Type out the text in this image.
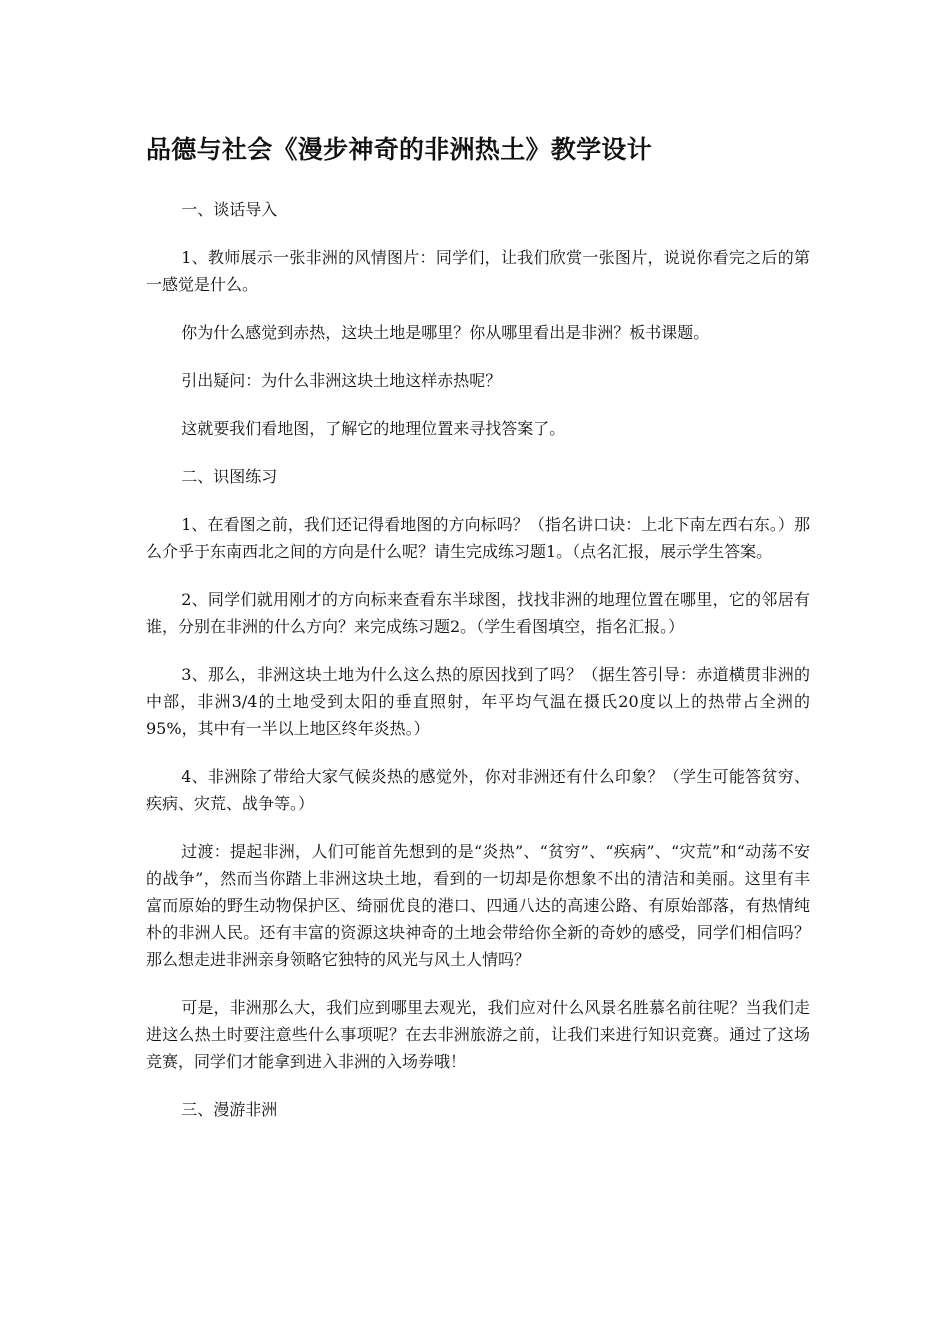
品德与社会《漫步神奇的非洲热土》教学设计

一、谈话导入

1、教师展示一张非洲的风情图片：同学们，让我们欣赏一张图片，说说你看完之后的第一感觉是什么。

你为什么感觉到赤热，这块土地是哪里？你从哪里看出是非洲？板书课题。

引出疑问：为什么非洲这块土地这样赤热呢？

这就要我们看地图，了解它的地理位置来寻找答案了。

二、识图练习

1、在看图之前，我们还记得看地图的方向标吗？（指名讲口诀：上北下南左西右东。）那么介乎于东南西北之间的方向是什么呢？请生完成练习题1。（点名汇报，展示学生答案。

2、同学们就用刚才的方向标来查看东半球图，找找非洲的地理位置在哪里，它的邻居有谁，分别在非洲的什么方向？来完成练习题2。（学生看图填空，指名汇报。）

3、那么，非洲这块土地为什么这么热的原因找到了吗？（据生答引导：赤道横贯非洲的中部，非洲3/4的土地受到太阳的垂直照射，年平均气温在摄氏20度以上的热带占全洲的95%，其中有一半以上地区终年炎热。）

4、非洲除了带给大家气候炎热的感觉外，你对非洲还有什么印象？（学生可能答贫穷、疾病、灾荒、战争等。）

过渡：提起非洲，人们可能首先想到的是“炎热”、“贫穷”、“疾病”、“灾荒”和“动荡不安的战争”，然而当你踏上非洲这块土地，看到的一切却是你想象不出的清洁和美丽。这里有丰富而原始的野生动物保护区、绮丽优良的港口、四通八达的高速公路、有原始部落，有热情纯朴的非洲人民。还有丰富的资源这块神奇的土地会带给你全新的奇妙的感受，同学们相信吗？那么想走进非洲亲身领略它独特的风光与风土人情吗？

可是，非洲那么大，我们应到哪里去观光，我们应对什么风景名胜慕名前往呢？当我们走进这么热土时要注意些什么事项呢？在去非洲旅游之前，让我们来进行知识竞赛。通过了这场竞赛，同学们才能拿到进入非洲的入场券哦！

三、漫游非洲
